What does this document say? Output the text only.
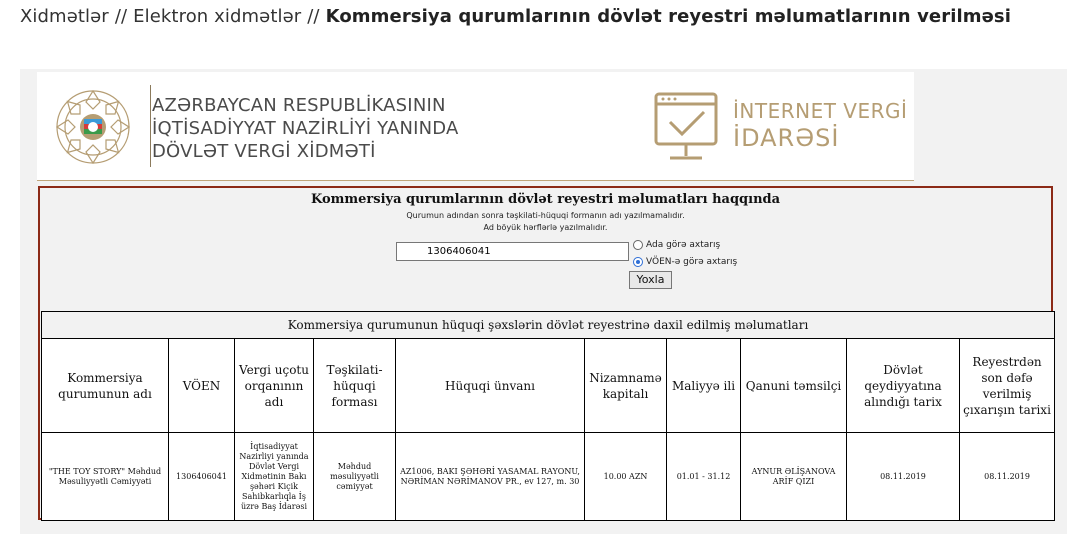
Xidmətlər // Elektron xidmətlər // Kommersiya qurumlarının dövlət reyestri məlumatlarının verilməsi
AZƏRBAYCAN RESPUBLİKASININ
İQTİSADİYYAT NAZİRLİYİ YANINDA
DÖVLƏT VERGİ XİDMƏTİ
İNTERNET VERGİ
İDARƏSİ
Kommersiya qurumlarının dövlət reyestri məlumatları haqqında
Qurumun adından sonra təşkilati-hüquqi formanın adı yazılmamalıdır.
Ad böyük hərflərlə yazılmalıdır.
1306406041
Ada görə axtarış
VÖEN-ə görə axtarış
Yoxla
Kommersiya qurumunun hüquqi şəxslərin dövlət reyestrinə daxil edilmiş məlumatları									
Kommersiya qurumunun adı	VÖEN	Vergi uçotu orqanının adı	Təşkilati-hüquqi forması	Hüquqi ünvanı	Nizamnamə kapitalı	Maliyyə ili	Qanuni təmsilçi	Dövlət qeydiyyatına alındığı tarix	Reyestrdən son dəfə verilmiş çıxarışın tarixi
"THE TOY STORY" Məhdud Məsuliyyətli Cəmiyyəti	1306406041	İqtisadiyyat Nazirliyi yanında Dövlət Vergi Xidmətinin Bakı şəhəri Kiçik Sahibkarlıqla İş üzrə Baş İdarəsi	Məhdud məsuliyyətli cəmiyyət	AZ1006, BAKI ŞƏHƏRİ YASAMAL RAYONU, NƏRİMAN NƏRİMANOV PR., ev 127, m. 30	10.00 AZN	01.01 - 31.12	AYNUR ƏLİŞANOVA ARİF QIZI	08.11.2019	08.11.2019
